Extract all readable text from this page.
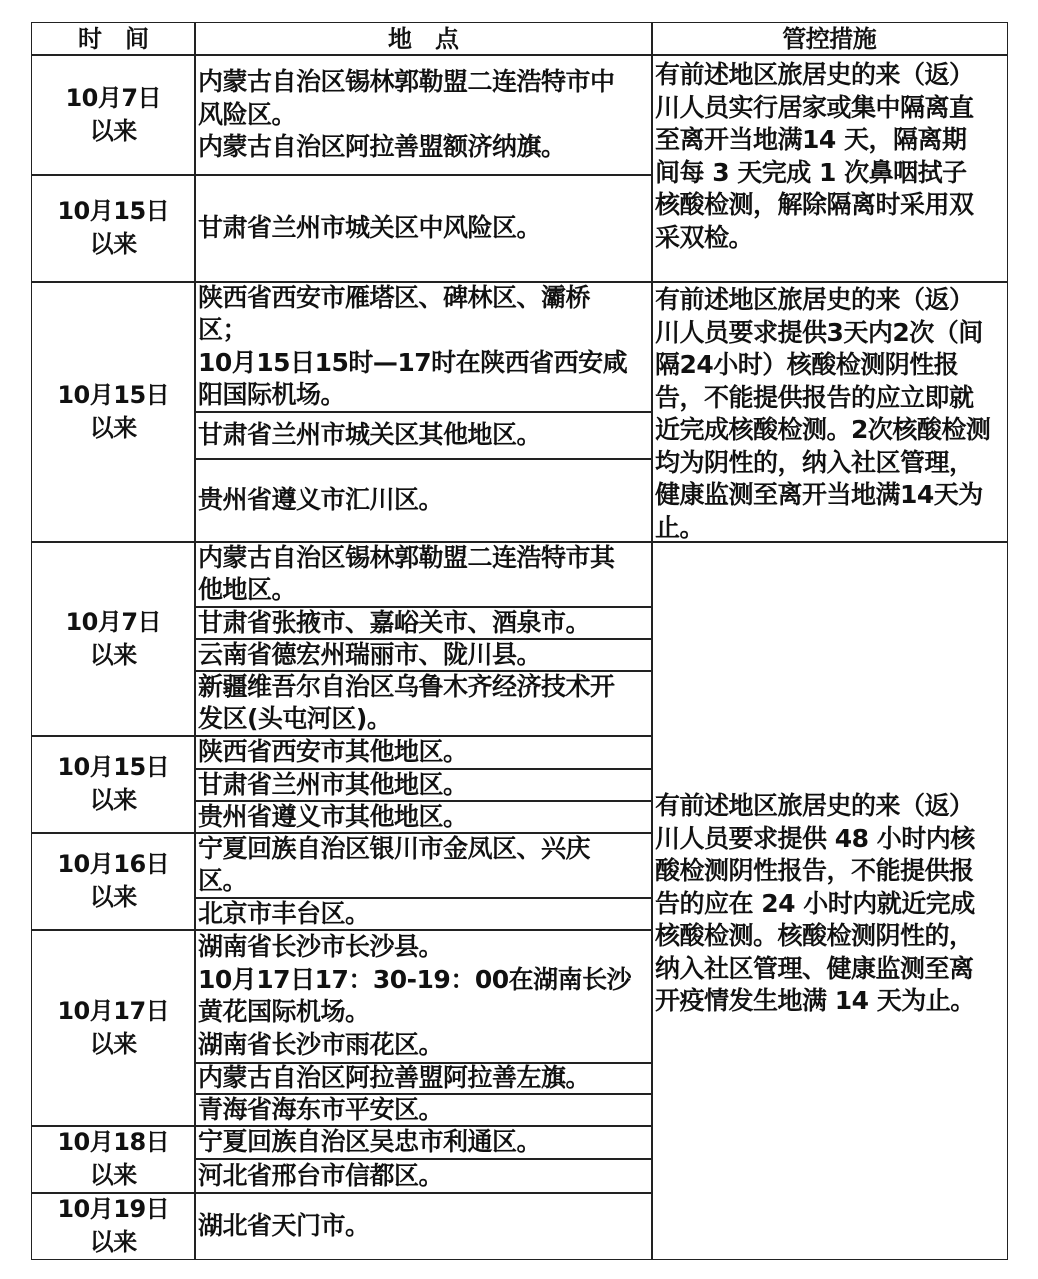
时　间	地　点	管控措施
10月7日
以来
内蒙古自治区锡林郭勒盟二连浩特市中
风险区。
内蒙古自治区阿拉善盟额济纳旗。
10月15日
以来
甘肃省兰州市城关区中风险区。
10月15日
以来
陕西省西安市雁塔区、碑林区、灞桥
区；
10月15日15时—17时在陕西省西安咸
阳国际机场。
甘肃省兰州市城关区其他地区。
贵州省遵义市汇川区。
10月7日
以来
内蒙古自治区锡林郭勒盟二连浩特市其
他地区。
甘肃省张掖市、嘉峪关市、酒泉市。
云南省德宏州瑞丽市、陇川县。
新疆维吾尔自治区乌鲁木齐经济技术开
发区(头屯河区)。
10月15日
以来
陕西省西安市其他地区。
甘肃省兰州市其他地区。
贵州省遵义市其他地区。
10月16日
以来
宁夏回族自治区银川市金凤区、兴庆
区。
北京市丰台区。
10月17日
以来
湖南省长沙市长沙县。
10月17日17：30-19：00在湖南长沙
黄花国际机场。
湖南省长沙市雨花区。
内蒙古自治区阿拉善盟阿拉善左旗。
青海省海东市平安区。
10月18日
以来
宁夏回族自治区吴忠市利通区。
河北省邢台市信都区。
10月19日
以来
湖北省天门市。
有前述地区旅居史的来（返）
川人员实行居家或集中隔离直
至离开当地满14 天，隔离期
间每 3 天完成 1 次鼻咽拭子
核酸检测，解除隔离时采用双
采双检。
有前述地区旅居史的来（返）
川人员要求提供3天内2次（间
隔24小时）核酸检测阴性报
告，不能提供报告的应立即就
近完成核酸检测。2次核酸检测
均为阴性的，纳入社区管理，
健康监测至离开当地满14天为
止。
有前述地区旅居史的来（返）
川人员要求提供 48 小时内核
酸检测阴性报告，不能提供报
告的应在 24 小时内就近完成
核酸检测。核酸检测阴性的，
纳入社区管理、健康监测至离
开疫情发生地满 14 天为止。
